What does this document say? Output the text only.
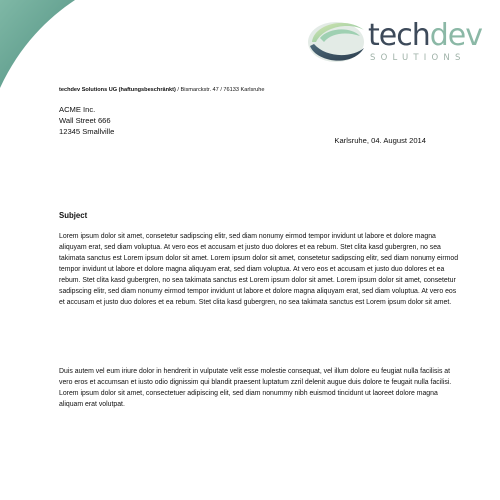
techdev
SOLUTIONS
techdev Solutions UG (haftungsbeschränkt) / Bismarckstr. 47 / 76133 Karlsruhe
ACME Inc.
Wall Street 666
12345 Smallville
Karlsruhe, 04. August 2014
Subject

Lorem ipsum dolor sit amet, consetetur sadipscing elitr, sed diam nonumy eirmod tempor invidunt ut labore et dolore magna aliquyam erat, sed diam voluptua. At vero eos et accusam et justo duo dolores et ea rebum. Stet clita kasd gubergren, no sea takimata sanctus est Lorem ipsum dolor sit amet. Lorem ipsum dolor sit amet, consetetur sadipscing elitr, sed diam nonumy eirmod tempor invidunt ut labore et dolore magna aliquyam erat, sed diam voluptua. At vero eos et accusam et justo duo dolores et ea rebum. Stet clita kasd gubergren, no sea takimata sanctus est Lorem ipsum dolor sit amet. Lorem ipsum dolor sit amet, consetetur sadipscing elitr, sed diam nonumy eirmod tempor invidunt ut labore et dolore magna aliquyam erat, sed diam voluptua. At vero eos et accusam et justo duo dolores et ea rebum. Stet clita kasd gubergren, no sea takimata sanctus est Lorem ipsum dolor sit amet.

Duis autem vel eum iriure dolor in hendrerit in vulputate velit esse molestie consequat, vel illum dolore eu feugiat nulla facilisis at vero eros et accumsan et iusto odio dignissim qui blandit praesent luptatum zzril delenit augue duis dolore te feugait nulla facilisi. Lorem ipsum dolor sit amet, consectetuer adipiscing elit, sed diam nonummy nibh euismod tincidunt ut laoreet dolore magna aliquam erat volutpat.
